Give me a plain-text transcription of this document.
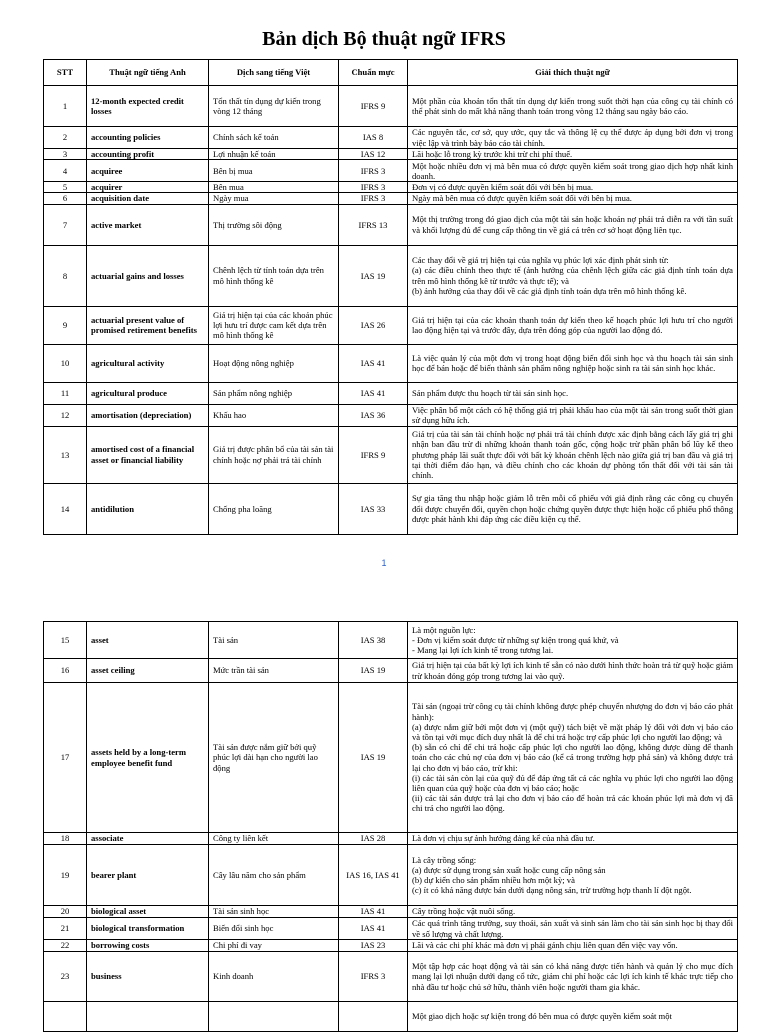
Bản dịch Bộ thuật ngữ IFRS
STT	Thuật ngữ tiếng Anh	Dịch sang tiếng Việt	Chuẩn mực	Giải thích thuật ngữ
1	12-month expected credit losses	Tổn thất tín dụng dự kiến trong vòng 12 tháng	IFRS 9	Một phần của khoản tổn thất tín dụng dự kiến trong suốt thời hạn của công cụ tài chính có thể phát sinh do mất khả năng thanh toán trong vòng 12 tháng sau ngày báo cáo.
2	accounting policies	Chính sách kế toán	IAS 8	Các nguyên tắc, cơ sở, quy ước, quy tắc và thông lệ cụ thể được áp dụng bởi đơn vị trong việc lập và trình bày báo cáo tài chính.
3	accounting profit	Lợi nhuận kế toán	IAS 12	Lãi hoặc lỗ trong kỳ trước khi trừ chi phí thuế.
4	acquiree	Bên bị mua	IFRS 3	Một hoặc nhiều đơn vị mà bên mua có được quyền kiểm soát trong giao dịch hợp nhất kinh doanh.
5	acquirer	Bên mua	IFRS 3	Đơn vị có được quyền kiểm soát đối với bên bị mua.
6	acquisition date	Ngày mua	IFRS 3	Ngày mà bên mua có được quyền kiểm soát đối với bên bị mua.
7	active market	Thị trường sôi động	IFRS 13	Một thị trường trong đó giao dịch của một tài sản hoặc khoản nợ phải trả diễn ra với tần suất và khối lượng đủ để cung cấp thông tin về giá cả trên cơ sở hoạt động liên tục.
8	actuarial gains and losses	Chênh lệch từ tính toán dựa trên mô hình thống kê	IAS 19	Các thay đổi về giá trị hiện tại của nghĩa vụ phúc lợi xác định phát sinh từ:
(a) các điều chỉnh theo thực tế (ảnh hưởng của chênh lệch giữa các giả định tính toán dựa trên mô hình thống kê từ trước và thực tế); và
(b) ảnh hưởng của thay đổi về các giả định tính toán dựa trên mô hình thống kê.
9	actuarial present value of promised retirement benefits	Giá trị hiện tại của các khoản phúc lợi hưu trí được cam kết dựa trên mô hình thống kê	IAS 26	Giá trị hiện tại của các khoản thanh toán dự kiến theo kế hoạch phúc lợi hưu trí cho người lao động hiện tại và trước đây, dựa trên đóng góp của người lao động đó.
10	agricultural activity	Hoạt động nông nghiệp	IAS 41	Là việc quản lý của một đơn vị trong hoạt động biến đổi sinh học và thu hoạch tài sản sinh học để bán hoặc để biến thành sản phẩm nông nghiệp hoặc sinh ra tài sản sinh học khác.
11	agricultural produce	Sản phẩm nông nghiệp	IAS 41	Sản phẩm được thu hoạch từ tài sản sinh học.
12	amortisation (depreciation)	Khấu hao	IAS 36	Việc phân bổ một cách có hệ thống giá trị phải khấu hao của một tài sản trong suốt thời gian sử dụng hữu ích.
13	amortised cost of a financial asset or financial liability	Giá trị được phân bổ của tài sản tài chính hoặc nợ phải trả tài chính	IFRS 9	Giá trị của tài sản tài chính hoặc nợ phải trả tài chính được xác định bằng cách lấy giá trị ghi nhận ban đầu trừ đi những khoản thanh toán gốc, cộng hoặc trừ phần phân bổ lũy kế theo phương pháp lãi suất thực đối với bất kỳ khoản chênh lệch nào giữa giá trị ban đầu và giá trị tại thời điểm đáo hạn, và điều chỉnh cho các khoản dự phòng tổn thất đối với tài sản tài chính.
14	antidilution	Chống pha loãng	IAS 33	Sự gia tăng thu nhập hoặc giảm lỗ trên mỗi cổ phiếu với giả định rằng các công cụ chuyển đổi được chuyển đổi, quyền chọn hoặc chứng quyền được thực hiện hoặc cổ phiếu phổ thông được phát hành khi đáp ứng các điều kiện cụ thể.
1
15	asset	Tài sản	IAS 38	Là một nguồn lực:
- Đơn vị kiểm soát được từ những sự kiện trong quá khứ, và
- Mang lại lợi ích kinh tế trong tương lai.
16	asset ceiling	Mức trần tài sản	IAS 19	Giá trị hiện tại của bất kỳ lợi ích kinh tế sẵn có nào dưới hình thức hoàn trả từ quỹ hoặc giảm trừ khoản đóng góp trong tương lai vào quỹ.
17	assets held by a long-term employee benefit fund	Tài sản được nắm giữ bởi quỹ phúc lợi dài hạn cho người lao động	IAS 19	Tài sản (ngoại trừ công cụ tài chính không được phép chuyển nhượng do đơn vị báo cáo phát hành):
(a) được nắm giữ bởi một đơn vị (một quỹ) tách biệt về mặt pháp lý đối với đơn vị báo cáo và tồn tại với mục đích duy nhất là để chi trả hoặc trợ cấp phúc lợi cho người lao động; và
(b) sẵn có chỉ để chi trả hoặc cấp phúc lợi cho người lao động, không được dùng để thanh toán cho các chủ nợ của đơn vị báo cáo (kể cả trong trường hợp phá sản) và không được trả lại cho đơn vị báo cáo, trừ khi:
(i) các tài sản còn lại của quỹ đủ để đáp ứng tất cả các nghĩa vụ phúc lợi cho người lao động liên quan của quỹ hoặc của đơn vị báo cáo; hoặc
(ii) các tài sản được trả lại cho đơn vị báo cáo để hoàn trả các khoản phúc lợi mà đơn vị đã chi trả cho người lao động.
18	associate	Công ty liên kết	IAS 28	Là đơn vị chịu sự ảnh hưởng đáng kể của nhà đầu tư.
19	bearer plant	Cây lâu năm cho sản phẩm	IAS 16, IAS 41	Là cây trồng sống:
(a) được sử dụng trong sản xuất hoặc cung cấp nông sản
(b) dự kiến cho sản phẩm nhiều hơn một kỳ; và
(c) ít có khả năng được bán dưới dạng nông sản, trừ trường hợp thanh lí đột ngột.
20	biological asset	Tài sản sinh học	IAS 41	Cây trồng hoặc vật nuôi sống.
21	biological transformation	Biến đổi sinh học	IAS 41	Các quá trình tăng trưởng, suy thoái, sản xuất và sinh sản làm cho tài sản sinh học bị thay đổi về số lượng và chất lượng.
22	borrowing costs	Chi phí đi vay	IAS 23	Lãi và các chi phí khác mà đơn vị phải gánh chịu liên quan đến việc vay vốn.
23	business	Kinh doanh	IFRS 3	Một tập hợp các hoạt động và tài sản có khả năng được tiến hành và quản lý cho mục đích mang lại lợi nhuận dưới dạng cổ tức, giảm chi phí hoặc các lợi ích kinh tế khác trực tiếp cho nhà đầu tư hoặc chủ sở hữu, thành viên hoặc người tham gia khác.
				Một giao dịch hoặc sự kiện trong đó bên mua có được quyền kiểm soát một
